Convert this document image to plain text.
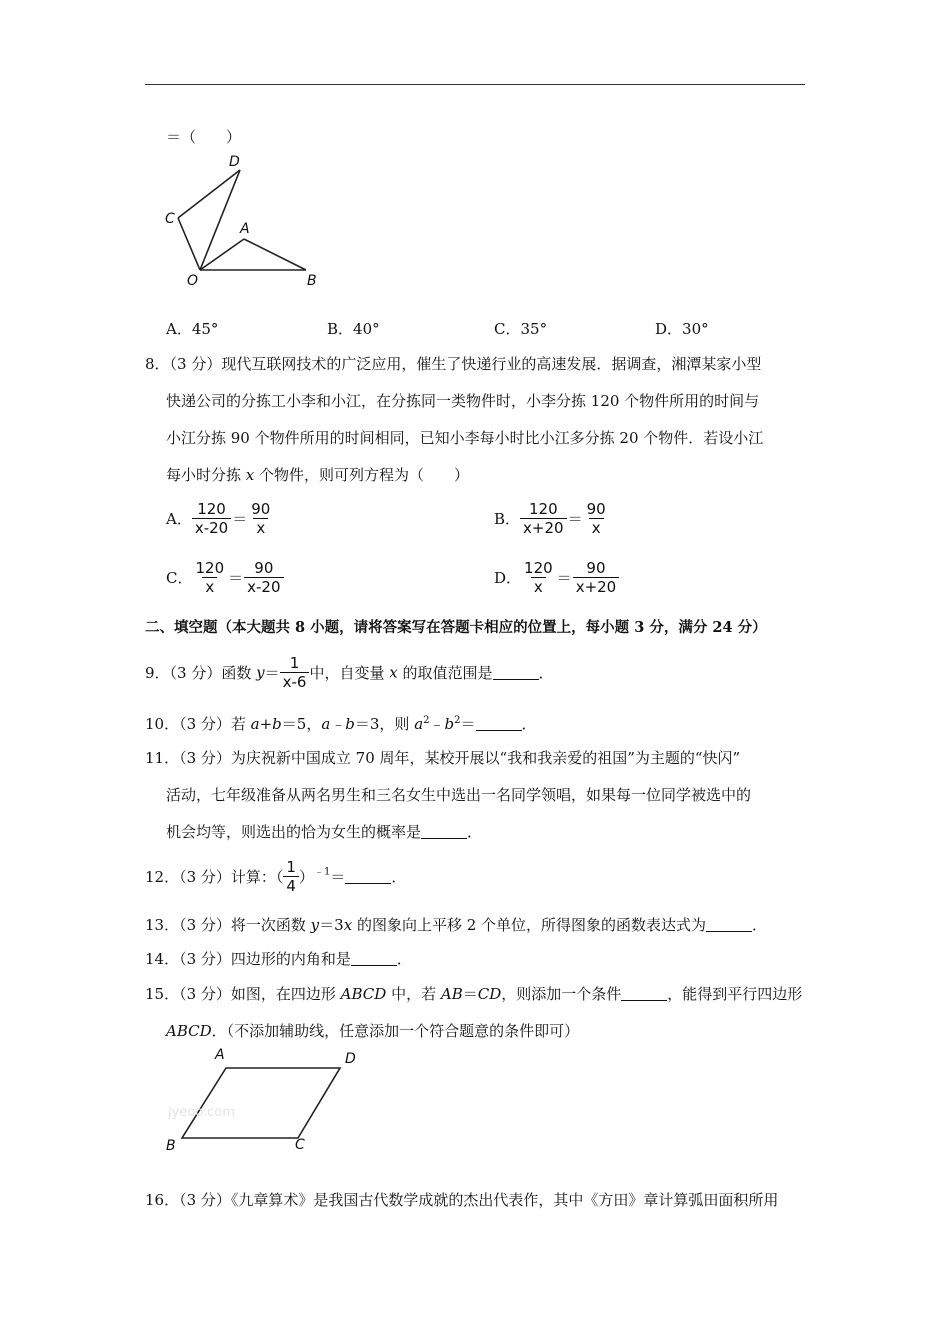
＝（　　）
D
C
A
O	B
A．45°	B．40°	C．35°	D．30°
8．（3 分）现代互联网技术的广泛应用，催生了快递行业的高速发展．据调查，湘潭某家小型
快递公司的分拣工小李和小江，在分拣同一类物件时，小李分拣 120 个物件所用的时间与
小江分拣 90 个物件所用的时间相同，已知小李每小时比小江多分拣 20 个物件．若设小江
每小时分拣 x 个物件，则可列方程为（　　）
A． $\frac{120}{x-20} = \frac{90}{x}$	B． $\frac{120}{x+20} = \frac{90}{x}$
C． $\frac{120}{x} = \frac{90}{x-20}$	D． $\frac{120}{x} = \frac{90}{x+20}$
二、填空题（本大题共 8 小题，请将答案写在答题卡相应的位置上，每小题 3 分，满分 24 分）
9．（3 分）函数 $y= \frac{1}{x-6}$ 中，自变量 x 的取值范围是	．
10．（3 分）若 a+b＝5，a﹣b＝3，则 $a^2﹣b^2=$	．
11．（3 分）为庆祝新中国成立 70 周年，某校开展以“我和我亲爱的祖国”为主题的“快闪”
活动，七年级准备从两名男生和三名女生中选出一名同学领唱，如果每一位同学被选中的
机会均等，则选出的恰为女生的概率是	．
12．（3 分）计算：（ $\frac{1}{4} )^{﹣1}=$	．
13．（3 分）将一次函数 y＝3x 的图象向上平移 2 个单位，所得图象的函数表达式为	．
14．（3 分）四边形的内角和是	．
15．（3 分）如图，在四边形 ABCD 中，若 AB＝CD，则添加一个条件	，能得到平行四边形
ABCD．（不添加辅助线，任意添加一个符合题意的条件即可）
A	D
B	C
jyeoo.com
16．（3 分）《九章算术》是我国古代数学成就的杰出代表作，其中《方田》章计算弧田面积所用
